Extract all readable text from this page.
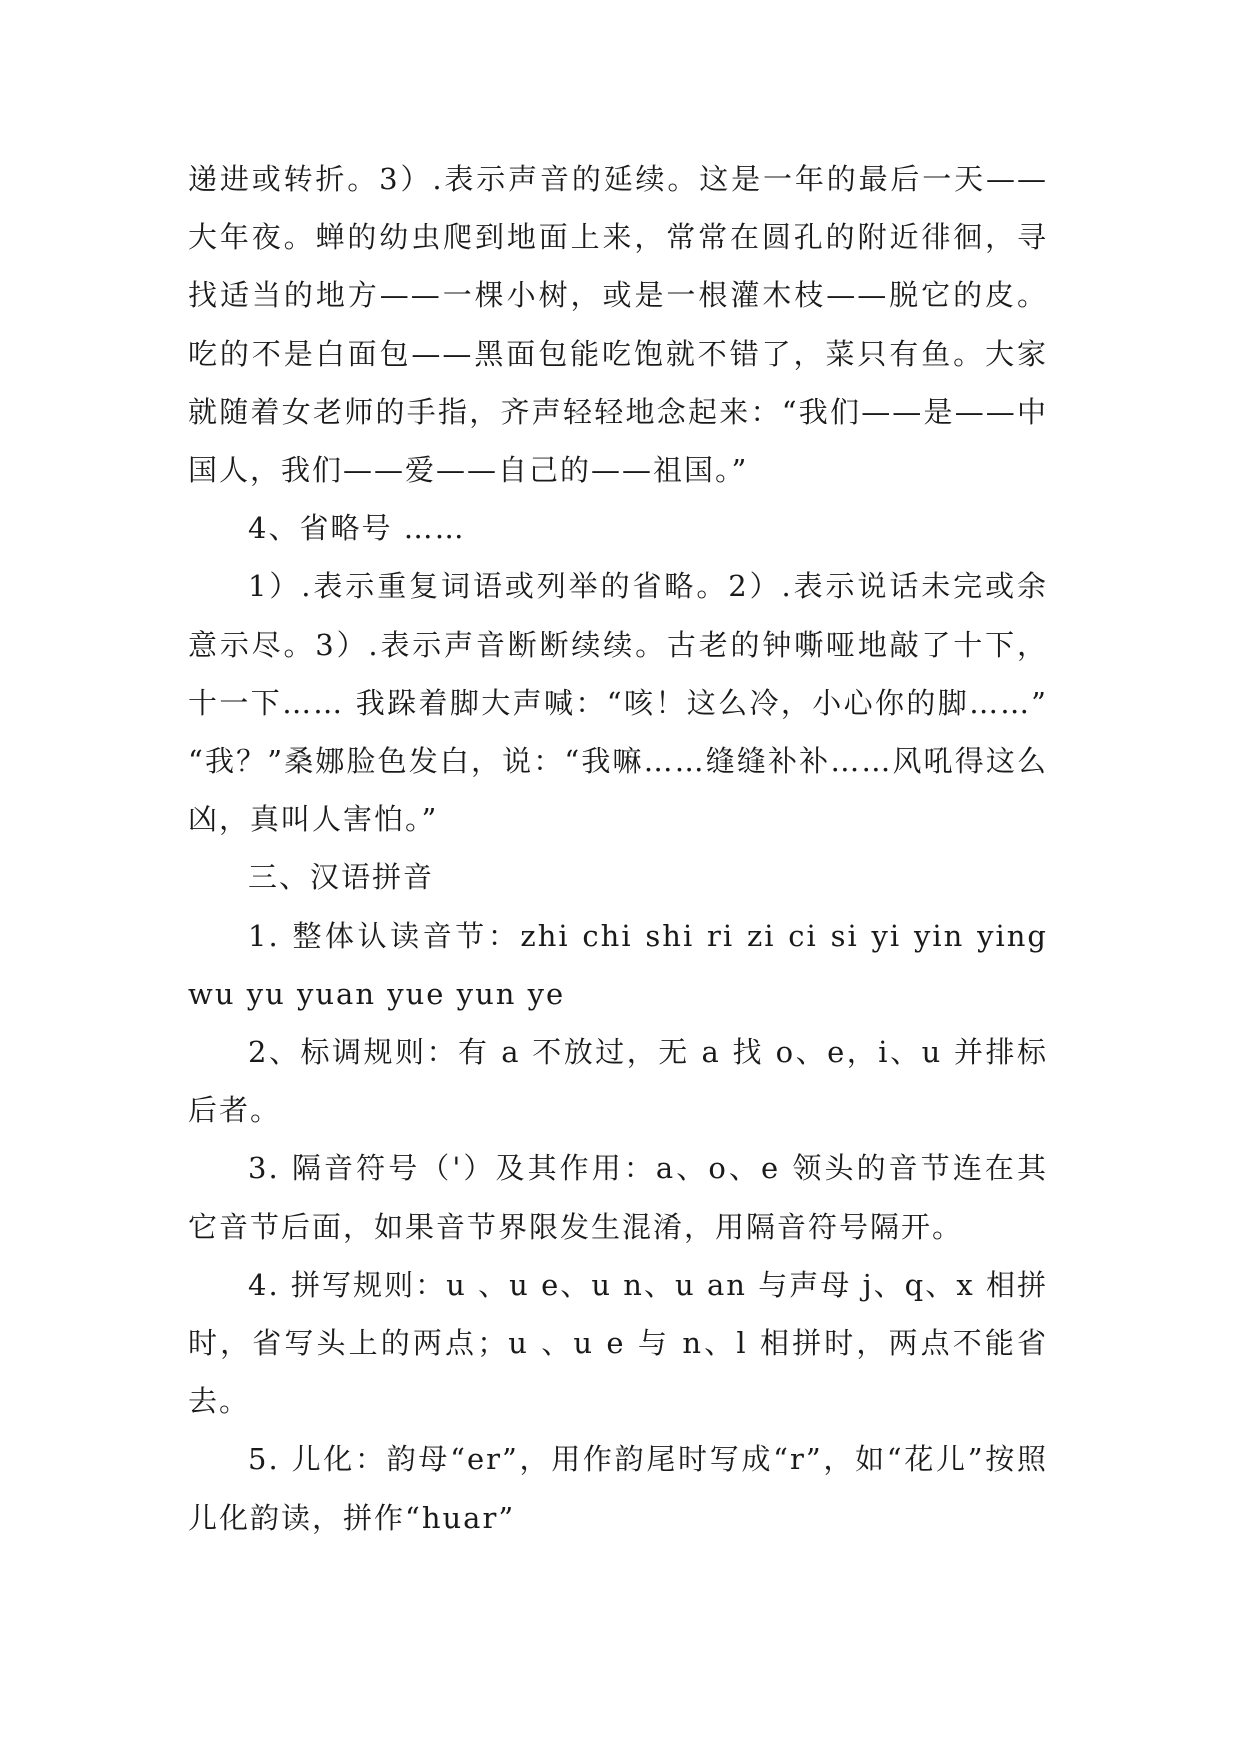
递进或转折。3）.表示声音的延续。这是一年的最后一天——大年夜。蝉的幼虫爬到地面上来，常常在圆孔的附近徘徊，寻找适当的地方——一棵小树，或是一根灌木枝——脱它的皮。吃的不是白面包——黑面包能吃饱就不错了，菜只有鱼。大家就随着女老师的手指，齐声轻轻地念起来：“我们——是——中国人，我们——爱——自己的——祖国。”

4、省略号 ……

1）.表示重复词语或列举的省略。2）.表示说话未完或余意示尽。3）.表示声音断断续续。古老的钟嘶哑地敲了十下，十一下…… 我跺着脚大声喊：“咳！这么冷，小心你的脚……” “我？”桑娜脸色发白，说：“我嘛……缝缝补补……风吼得这么凶，真叫人害怕。”

三、汉语拼音

1. 整体认读音节：zhi chi shi ri zi ci si yi yin ying wu yu yuan yue yun ye

2、标调规则：有 a 不放过，无 a 找 o、e，i、u 并排标后者。

3. 隔音符号（'）及其作用：a、o、e 领头的音节连在其它音节后面，如果音节界限发生混淆，用隔音符号隔开。

4. 拼写规则：u 、u e、u n、u an 与声母 j、q、x 相拼时，省写头上的两点；u 、u e 与 n、l 相拼时，两点不能省去。

5. 儿化：韵母“er”，用作韵尾时写成“r”，如“花儿”按照儿化韵读，拼作“huar”
